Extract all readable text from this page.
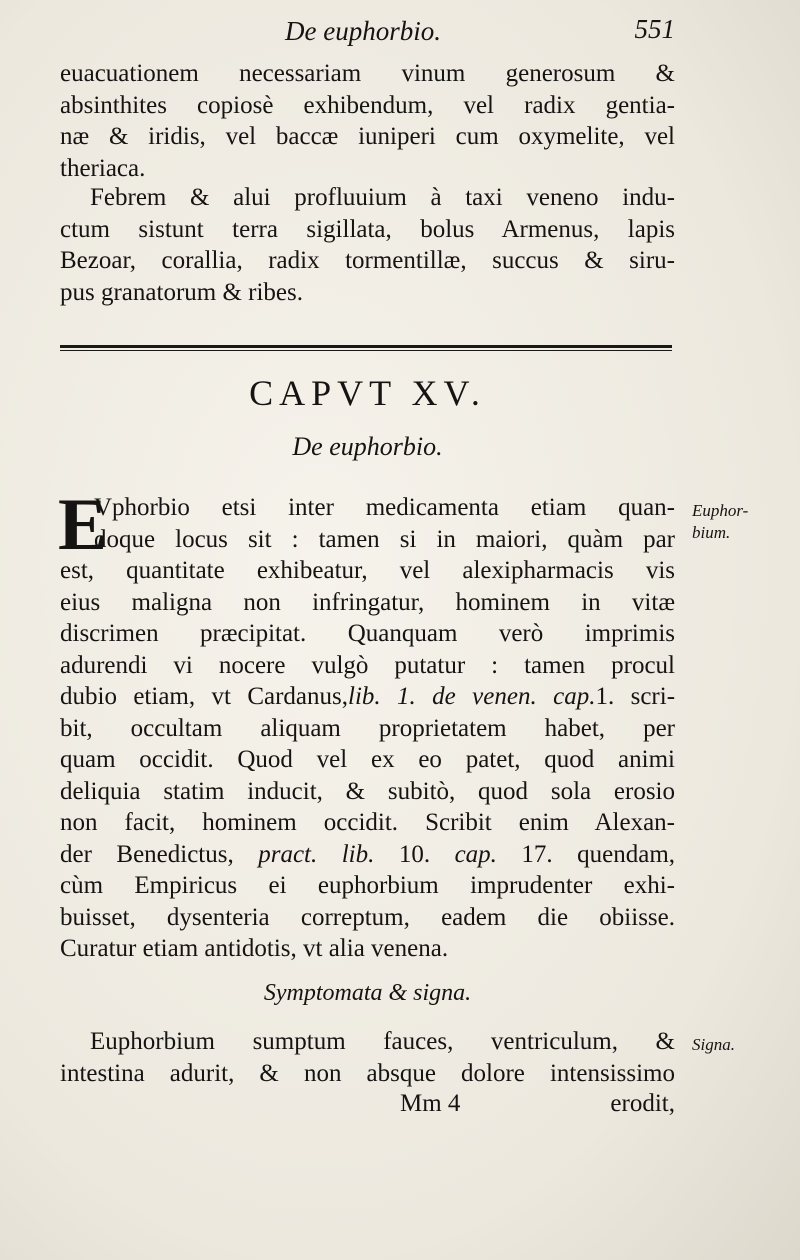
De euphorbio.	551
euacuationem necessariam vinum generosum &
absinthites copiosè exhibendum, vel radix gentia-
næ & iridis, vel baccæ iuniperi cum oxymelite, vel
theriaca.
Febrem & alui profluuium à taxi veneno indu-
ctum sistunt terra sigillata, bolus Armenus, lapis
Bezoar, corallia, radix tormentillæ, succus & siru-
pus granatorum & ribes.
CAPVT XV.
De euphorbio.
E
Vphorbio etsi inter medicamenta etiam quan-
doque locus sit : tamen si in maiori, quàm par
est, quantitate exhibeatur, vel alexipharmacis vis
eius maligna non infringatur, hominem in vitæ
discrimen præcipitat. Quanquam verò imprimis
adurendi vi nocere vulgò putatur : tamen procul
dubio etiam, vt Cardanus,lib. 1. de venen. cap.1. scri-
bit, occultam aliquam proprietatem habet, per
quam occidit. Quod vel ex eo patet, quod animi
deliquia statim inducit, & subitò, quod sola erosio
non facit, hominem occidit. Scribit enim Alexan-
der Benedictus, pract. lib. 10. cap. 17. quendam,
cùm Empiricus ei euphorbium imprudenter exhi-
buisset, dysenteria correptum, eadem die obiisse.
Curatur etiam antidotis, vt alia venena.
Symptomata & signa.
Euphorbium sumptum fauces, ventriculum, &
intestina adurit, & non absque dolore intensissimo
Euphor-
bium.
Signa.
Mm 4	erodit,
